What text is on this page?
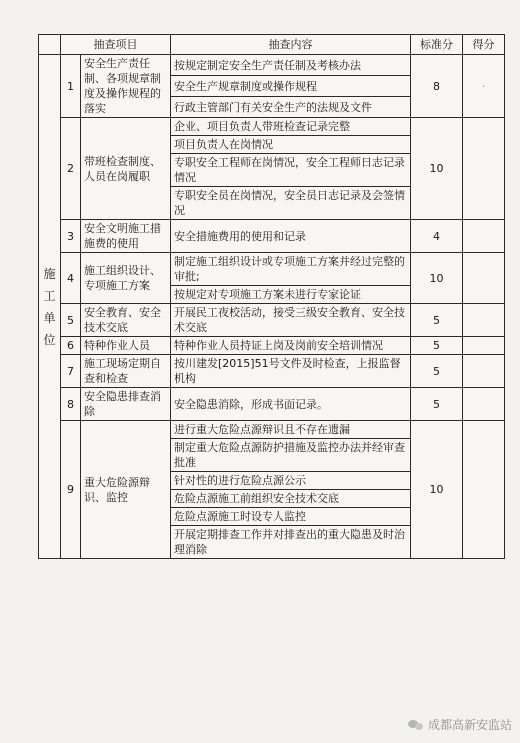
	抽查项目		抽查内容	标准分	得分

施
工
单
位	1	安全生产责任制、各项规章制度及操作规程的落实	按规定制定安全生产责任制及考核办法	8	·
			安全生产规章制度或操作规程		
			行政主管部门有关安全生产的法规及文件		
	2	带班检查制度、人员在岗履职	企业、项目负责人带班检查记录完整	10	
			项目负责人在岗情况		
			专职安全工程师在岗情况，安全工程师日志记录情况		
			专职安全员在岗情况，安全员日志记录及会签情况		
	3	安全文明施工措施费的使用	安全措施费用的使用和记录	4	
	4	施工组织设计、专项施工方案	制定施工组织设计或专项施工方案并经过完整的审批;	10	
			按规定对专项施工方案未进行专家论证		
	5	安全教育、安全技术交底	开展民工夜校活动，接受三级安全教育、安全技术交底	5	
	6	特种作业人员	特种作业人员持证上岗及岗前安全培训情况	5	
	7	施工现场定期自查和检查	按川建发[2015]51号文件及时检查，上报监督机构	5	
	8	安全隐患排查消除	安全隐患消除，形成书面记录。	5	
	9	重大危险源辩识、监控	进行重大危险点源辩识且不存在遗漏	10	
			制定重大危险点源防护措施及监控办法并经审查批准		
			针对性的进行危险点源公示		
			危险点源施工前组织安全技术交底		
			危险点源施工时设专人监控		
			开展定期排查工作并对排查出的重大隐患及时治理消除		
成都高新安监站
